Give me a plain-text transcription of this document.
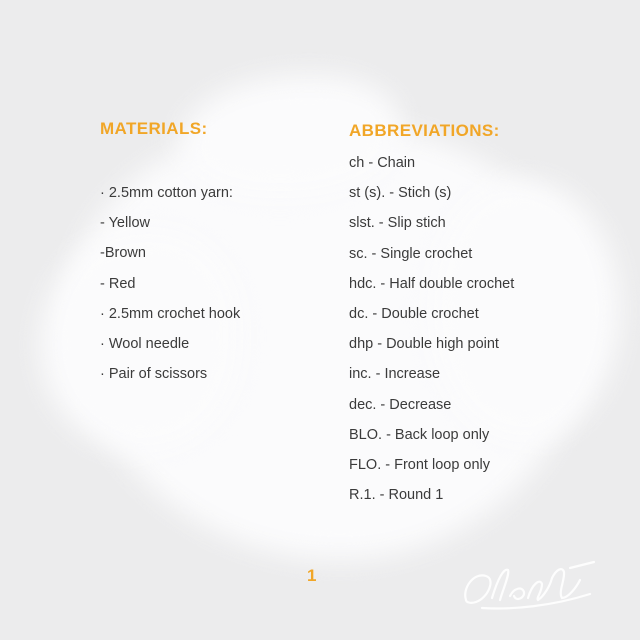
MATERIALS:
· 2.5mm cotton yarn:
- Yellow
-Brown
- Red
· 2.5mm crochet hook
· Wool needle
· Pair of scissors
ABBREVIATIONS:
ch - Chain
st (s). - Stich (s)
slst. - Slip stich
sc. - Single crochet
hdc. - Half double crochet
dc. - Double crochet
dhp - Double high point
inc. - Increase
dec. - Decrease
BLO. - Back loop only
FLO. - Front loop only
R.1. - Round 1
1
